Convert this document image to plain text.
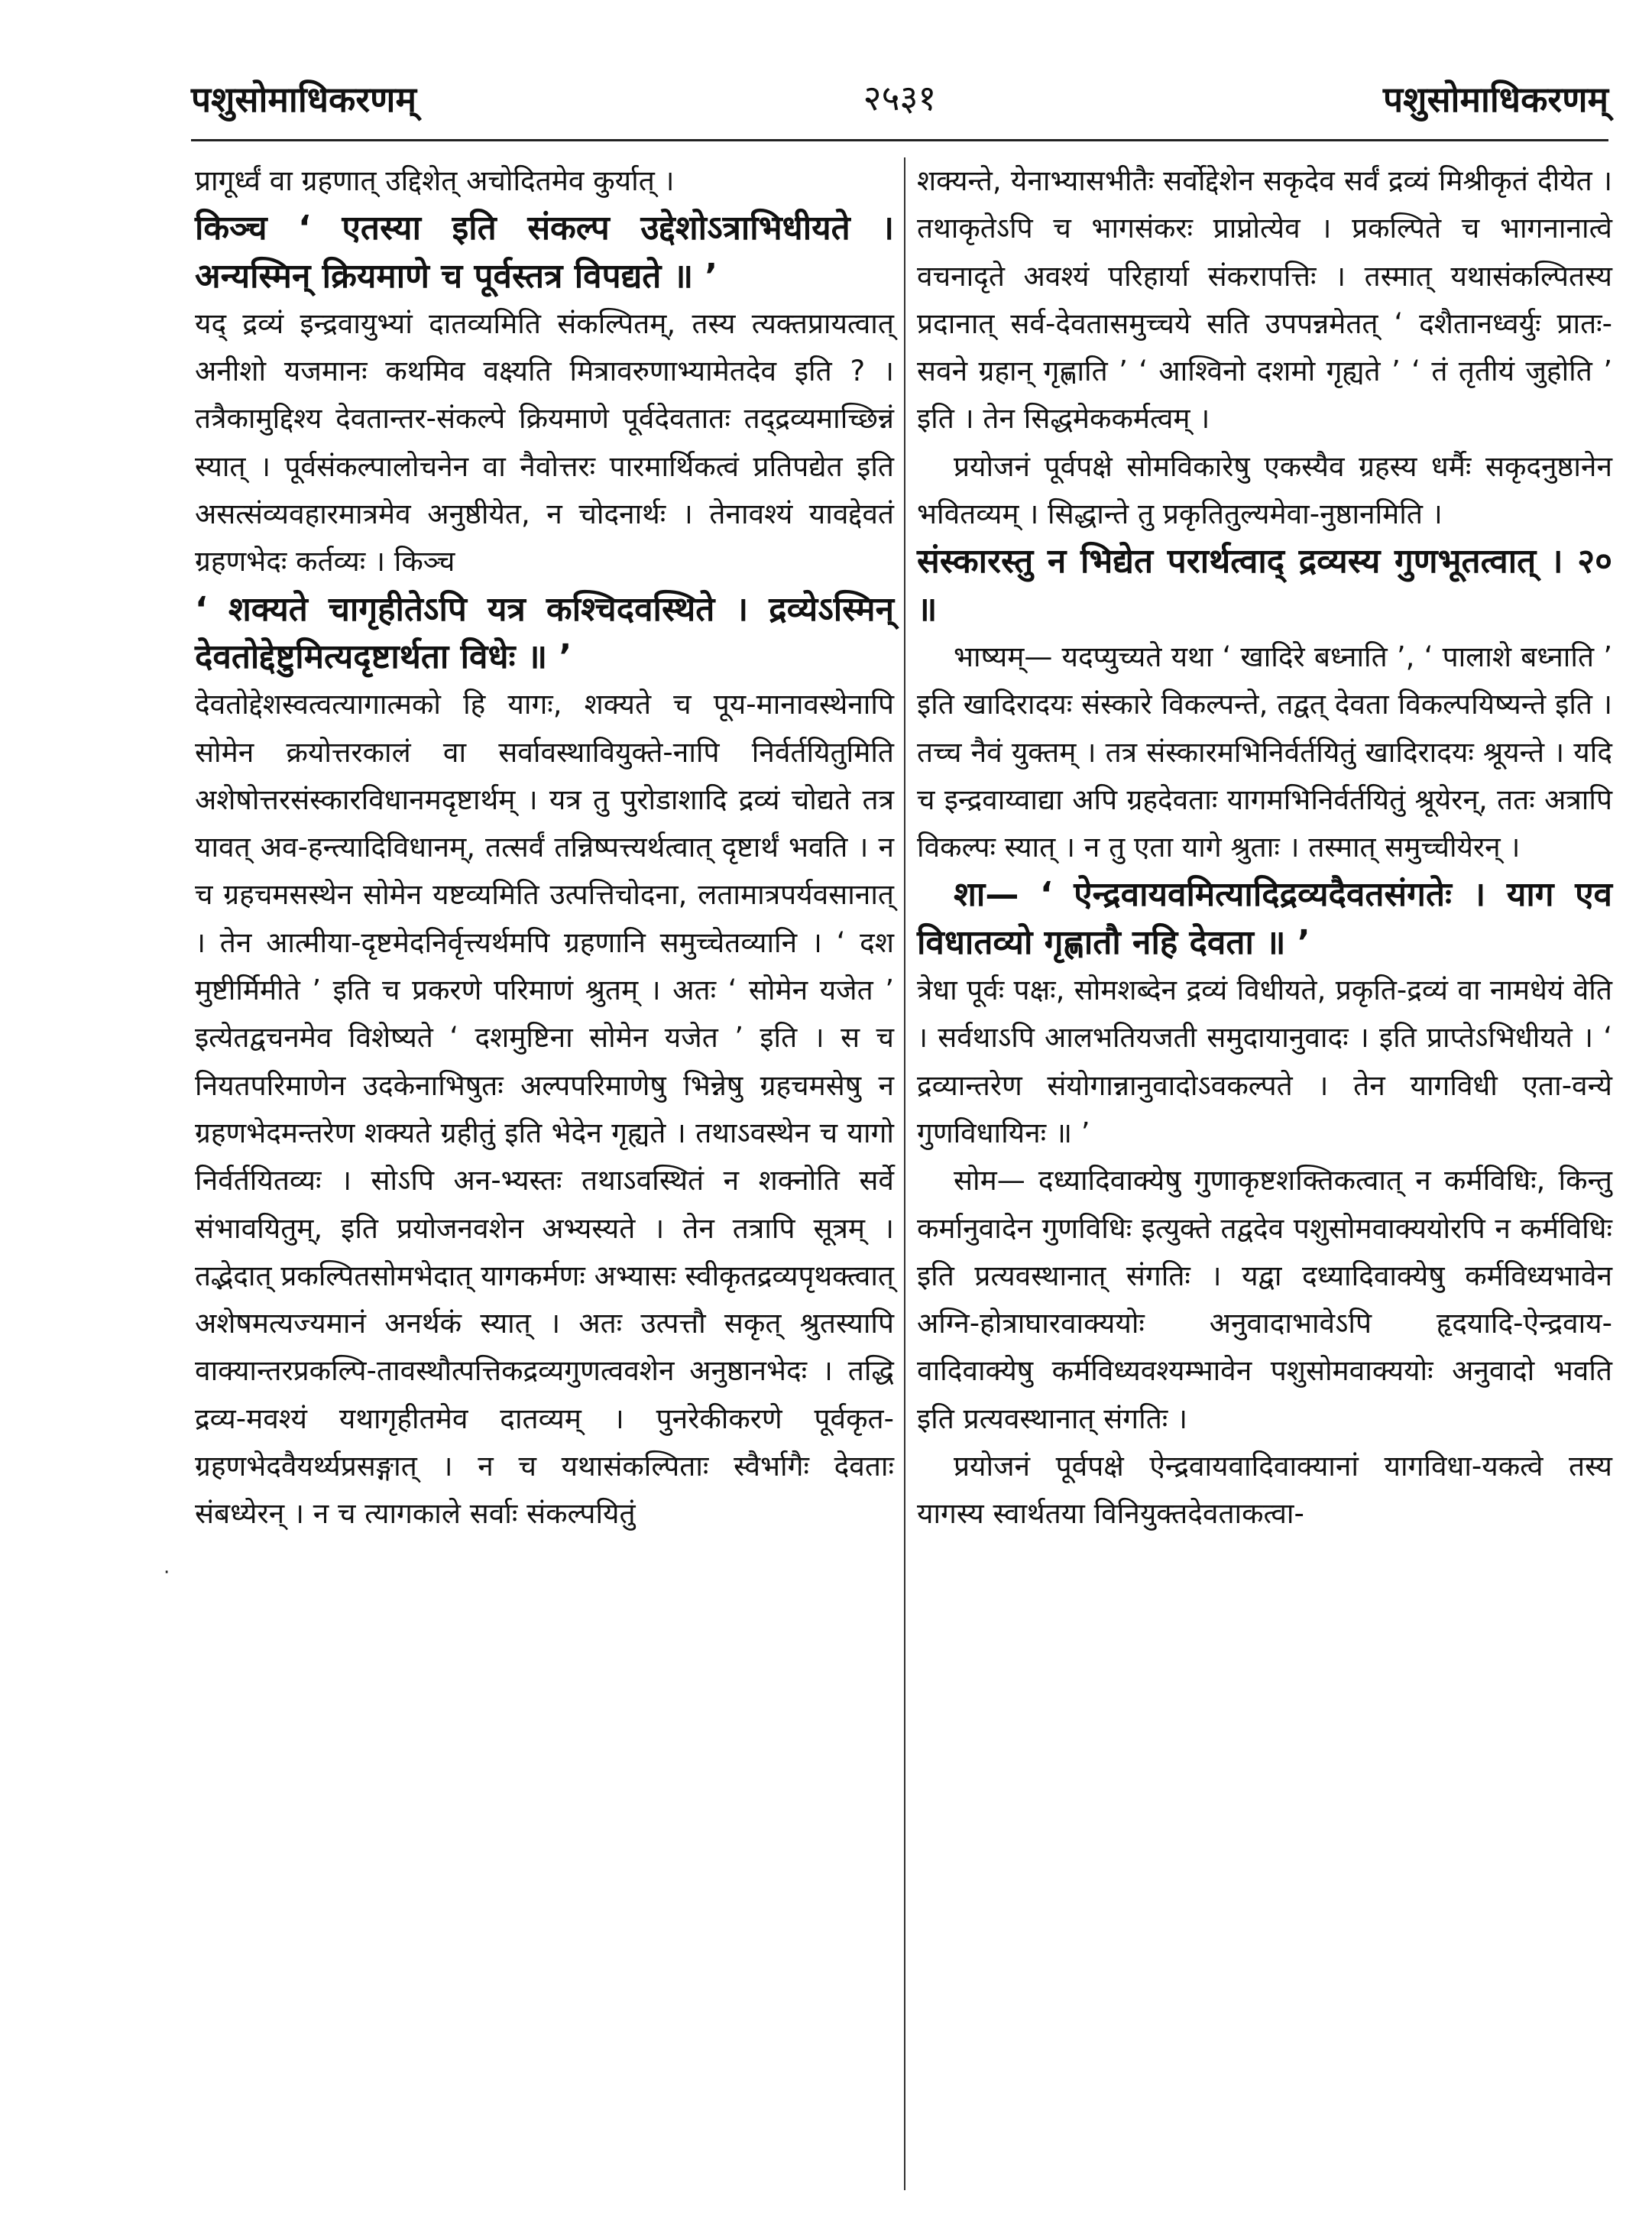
पशुसोमाधिकरणम्	२५३१	पशुसोमाधिकरणम्
·

प्रागूर्ध्वं वा ग्रहणात् उद्दिशेत् अचोदितमेव कुर्यात् ।

किञ्च ‘ एतस्या इति संकल्प उद्देशोऽत्राभिधीयते । अन्यस्मिन् क्रियमाणे च पूर्वस्तत्र विपद्यते ॥ ’

यद् द्रव्यं इन्द्रवायुभ्यां दातव्यमिति संकल्पितम्, तस्य त्यक्तप्रायत्वात् अनीशो यजमानः कथमिव वक्ष्यति मित्रावरुणाभ्यामेतदेव इति ? । तत्रैकामुद्दिश्य देवतान्तर-संकल्पे क्रियमाणे पूर्वदेवतातः तद्द्रव्यमाच्छिन्नं स्यात् । पूर्वसंकल्पालोचनेन वा नैवोत्तरः पारमार्थिकत्वं प्रतिपद्येत इति असत्संव्यवहारमात्रमेव अनुष्ठीयेत, न चोदनार्थः । तेनावश्यं यावद्देवतं ग्रहणभेदः कर्तव्यः । किञ्च

‘ शक्यते चागृहीतेऽपि यत्र कश्चिदवस्थिते । द्रव्येऽस्मिन् देवतोद्देष्टुमित्यदृष्टार्थता विधेः ॥ ’

देवतोद्देशस्वत्वत्यागात्मको हि यागः, शक्यते च पूय-मानावस्थेनापि सोमेन क्रयोत्तरकालं वा सर्वावस्थावियुक्ते-नापि निर्वर्तयितुमिति अशेषोत्तरसंस्कारविधानमदृष्टार्थम् । यत्र तु पुरोडाशादि द्रव्यं चोद्यते तत्र यावत् अव-हन्त्यादिविधानम्, तत्सर्वं तन्निष्पत्त्यर्थत्वात् दृष्टार्थं भवति । न च ग्रहचमसस्थेन सोमेन यष्टव्यमिति उत्पत्तिचोदना, लतामात्रपर्यवसानात् । तेन आत्मीया-दृष्टमेदनिर्वृत्त्यर्थमपि ग्रहणानि समुच्चेतव्यानि । ‘ दश मुष्टीर्मिमीते ’ इति च प्रकरणे परिमाणं श्रुतम् । अतः ‘ सोमेन यजेत ’ इत्येतद्वचनमेव विशेष्यते ‘ दशमुष्टिना सोमेन यजेत ’ इति । स च नियतपरिमाणेन उदकेनाभिषुतः अल्पपरिमाणेषु भिन्नेषु ग्रहचमसेषु न ग्रहणभेदमन्तरेण शक्यते ग्रहीतुं इति भेदेन गृह्यते । तथाऽवस्थेन च यागो निर्वर्तयितव्यः । सोऽपि अन-भ्यस्तः तथाऽवस्थितं न शक्नोति सर्वे संभावयितुम्, इति प्रयोजनवशेन अभ्यस्यते । तेन तत्रापि सूत्रम् । तद्भेदात् प्रकल्पितसोमभेदात् यागकर्मणः अभ्यासः स्वीकृतद्रव्यपृथक्त्वात् अशेषमत्यज्यमानं अनर्थकं स्यात् । अतः उत्पत्तौ सकृत् श्रुतस्यापि वाक्यान्तरप्रकल्पि-तावस्थौत्पत्तिकद्रव्यगुणत्ववशेन अनुष्ठानभेदः । तद्धि द्रव्य-मवश्यं यथागृहीतमेव दातव्यम् । पुनरेकीकरणे पूर्वकृत-ग्रहणभेदवैयर्थ्यप्रसङ्गात् । न च यथासंकल्पिताः स्वैर्भागैः देवताः संबध्येरन् । न च त्यागकाले सर्वाः संकल्पयितुं

शक्यन्ते, येनाभ्यासभीतैः सर्वोद्देशेन सकृदेव सर्वं द्रव्यं मिश्रीकृतं दीयेत । तथाकृतेऽपि च भागसंकरः प्राप्नोत्येव । प्रकल्पिते च भागनानात्वे वचनादृते अवश्यं परिहार्या संकरापत्तिः । तस्मात् यथासंकल्पितस्य प्रदानात् सर्व-देवतासमुच्चये सति उपपन्नमेतत् ‘ दशैतानध्वर्युः प्रातः-सवने ग्रहान् गृह्णाति ’ ‘ आश्विनो दशमो गृह्यते ’ ‘ तं तृतीयं जुहोति ’ इति । तेन सिद्धमेककर्मत्वम् ।

प्रयोजनं पूर्वपक्षे सोमविकारेषु एकस्यैव ग्रहस्य धर्मैः सकृदनुष्ठानेन भवितव्यम् । सिद्धान्ते तु प्रकृतितुल्यमेवा-नुष्ठानमिति ।

संस्कारस्तु न भिद्येत परार्थत्वाद् द्रव्यस्य गुणभूतत्वात् । २० ॥

भाष्यम्— यदप्युच्यते यथा ‘ खादिरे बध्नाति ’, ‘ पालाशे बध्नाति ’ इति खादिरादयः संस्कारे विकल्पन्ते, तद्वत् देवता विकल्पयिष्यन्ते इति । तच्च नैवं युक्तम् । तत्र संस्कारमभिनिर्वर्तयितुं खादिरादयः श्रूयन्ते । यदि च इन्द्रवाय्वाद्या अपि ग्रहदेवताः यागमभिनिर्वर्तयितुं श्रूयेरन्, ततः अत्रापि विकल्पः स्यात् । न तु एता यागे श्रुताः । तस्मात् समुच्चीयेरन् ।

शा— ‘ ऐन्द्रवायवमित्यादिद्रव्यदैवतसंगतेः । याग एव विधातव्यो गृह्णातौ नहि देवता ॥ ’

त्रेधा पूर्वः पक्षः, सोमशब्देन द्रव्यं विधीयते, प्रकृति-द्रव्यं वा नामधेयं वेति । सर्वथाऽपि आलभतियजती समुदायानुवादः । इति प्राप्तेऽभिधीयते । ‘ द्रव्यान्तरेण संयोगान्नानुवादोऽवकल्पते । तेन यागविधी एता-वन्ये गुणविधायिनः ॥ ’

सोम— दध्यादिवाक्येषु गुणाकृष्टशक्तिकत्वात् न कर्मविधिः, किन्तु कर्मानुवादेन गुणविधिः इत्युक्ते तद्वदेव पशुसोमवाक्ययोरपि न कर्मविधिः इति प्रत्यवस्थानात् संगतिः । यद्वा दध्यादिवाक्येषु कर्मविध्यभावेन अग्नि-होत्राघारवाक्ययोः अनुवादाभावेऽपि हृदयादि-ऐन्द्रवाय-वादिवाक्येषु कर्मविध्यवश्यम्भावेन पशुसोमवाक्ययोः अनुवादो भवति इति प्रत्यवस्थानात् संगतिः ।

प्रयोजनं पूर्वपक्षे ऐन्द्रवायवादिवाक्यानां यागविधा-यकत्वे तस्य यागस्य स्वार्थतया विनियुक्तदेवताकत्वा-
